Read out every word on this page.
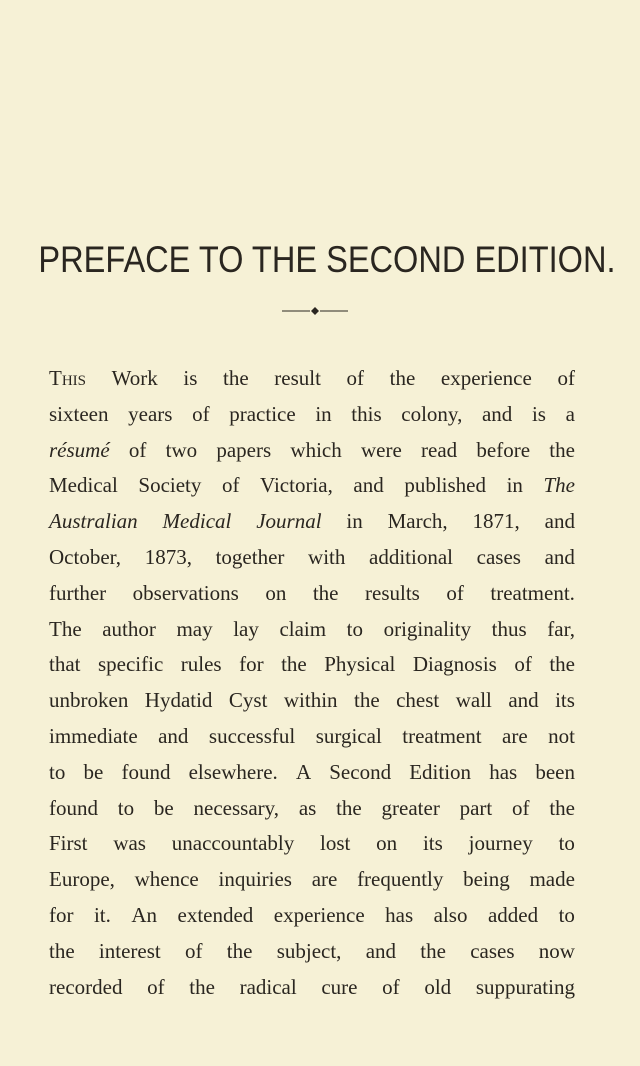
PREFACE TO THE SECOND EDITION.
This Work is the result of the experience of
sixteen years of practice in this colony, and is a
résumé of two papers which were read before the
Medical Society of Victoria, and published in The
Australian Medical Journal in March, 1871, and
October, 1873, together with additional cases and
further observations on the results of treatment.
The author may lay claim to originality thus far,
that specific rules for the Physical Diagnosis of the
unbroken Hydatid Cyst within the chest wall and its
immediate and successful surgical treatment are not
to be found elsewhere. A Second Edition has been
found to be necessary, as the greater part of the
First was unaccountably lost on its journey to
Europe, whence inquiries are frequently being made
for it. An extended experience has also added to
the interest of the subject, and the cases now
recorded of the radical cure of old suppurating
